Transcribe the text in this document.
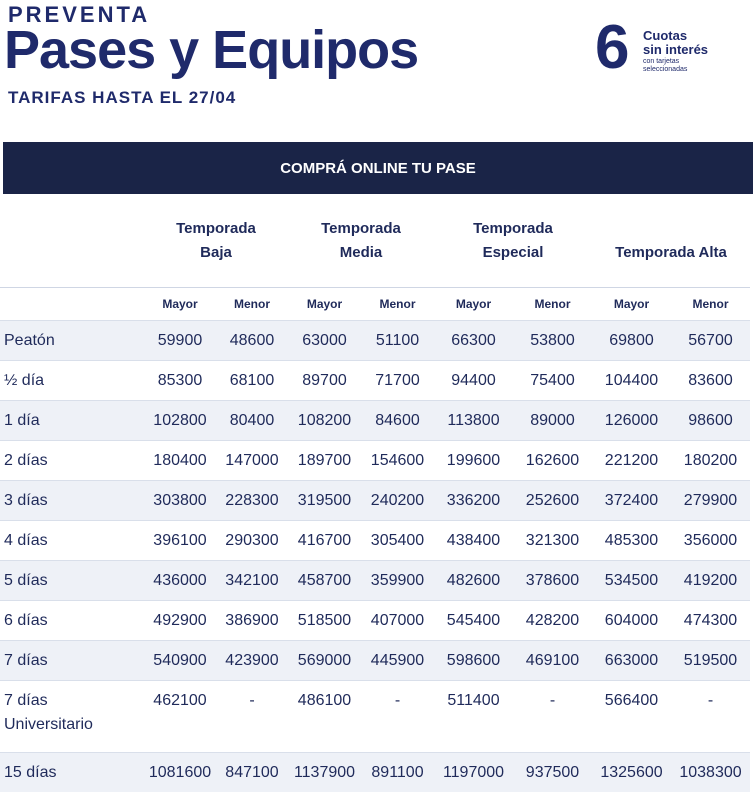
PREVENTA
Pases y Equipos
TARIFAS HASTA EL 27/04
6 Cuotas
sin interés
con tarjetas
seleccionadas
COMPRÁ ONLINE TU PASE
	Temporada
Baja		Temporada
Media		Temporada
Especial		Temporada Alta	
	Mayor	Menor	Mayor	Menor	Mayor	Menor	Mayor	Menor
Peatón	59900	48600	63000	51100	66300	53800	69800	56700
½ día	85300	68100	89700	71700	94400	75400	104400	83600
1 día	102800	80400	108200	84600	113800	89000	126000	98600
2 días	180400	147000	189700	154600	199600	162600	221200	180200
3 días	303800	228300	319500	240200	336200	252600	372400	279900
4 días	396100	290300	416700	305400	438400	321300	485300	356000
5 días	436000	342100	458700	359900	482600	378600	534500	419200
6 días	492900	386900	518500	407000	545400	428200	604000	474300
7 días	540900	423900	569000	445900	598600	469100	663000	519500
7 días
Universitario	462100	-	486100	-	511400	-	566400	-
15 días	1081600	847100	1137900	891100	1197000	937500	1325600	1038300
